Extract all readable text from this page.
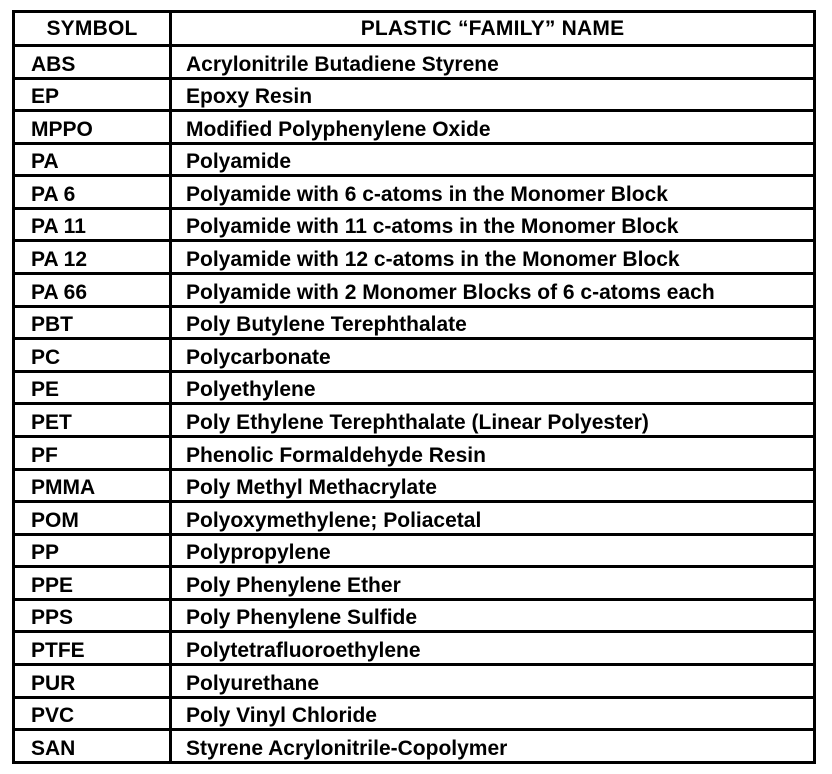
SYMBOL	PLASTIC “FAMILY” NAME
ABS	Acrylonitrile Butadiene Styrene
EP	Epoxy Resin
MPPO	Modified Polyphenylene Oxide
PA	Polyamide
PA 6	Polyamide with 6 c-atoms in the Monomer Block
PA 11	Polyamide with 11 c-atoms in the Monomer Block
PA 12	Polyamide with 12 c-atoms in the Monomer Block
PA 66	Polyamide with 2 Monomer Blocks of 6 c-atoms each
PBT	Poly Butylene Terephthalate
PC	Polycarbonate
PE	Polyethylene
PET	Poly Ethylene Terephthalate (Linear Polyester)
PF	Phenolic Formaldehyde Resin
PMMA	Poly Methyl Methacrylate
POM	Polyoxymethylene; Poliacetal
PP	Polypropylene
PPE	Poly Phenylene Ether
PPS	Poly Phenylene Sulfide
PTFE	Polytetrafluoroethylene
PUR	Polyurethane
PVC	Poly Vinyl Chloride
SAN	Styrene Acrylonitrile-Copolymer
